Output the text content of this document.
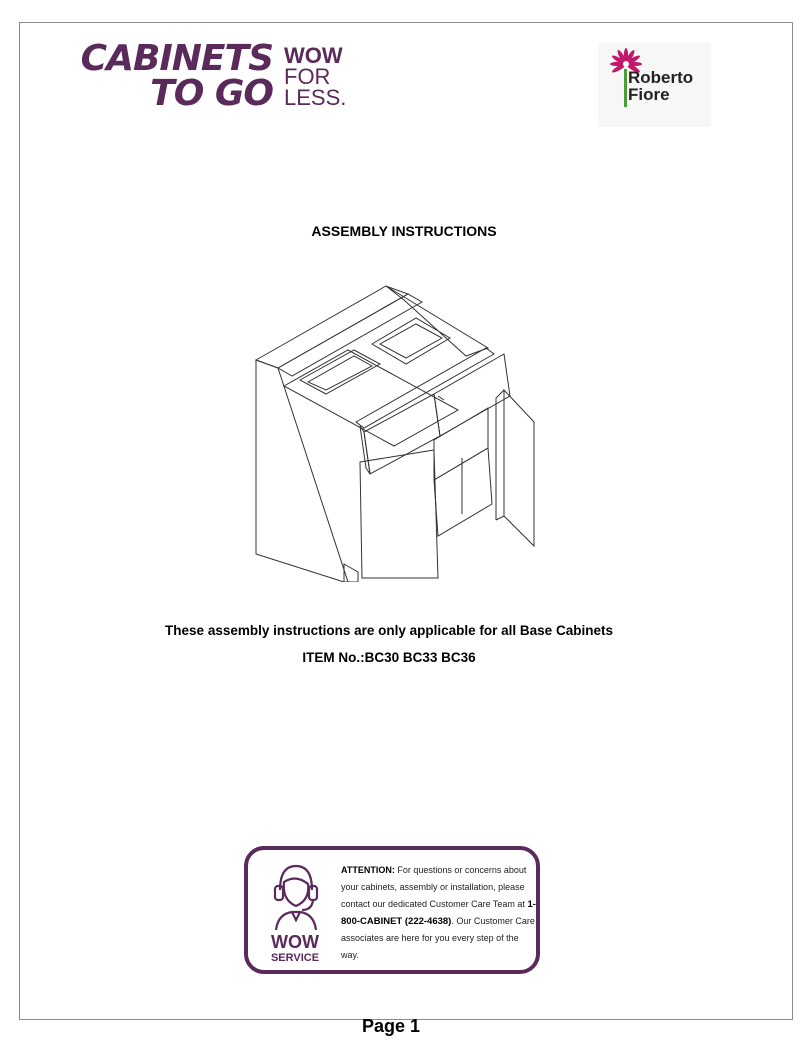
CABINETS
TO GO
WOW
FOR
LESS.
Roberto
Fiore
ASSEMBLY INSTRUCTIONS
These assembly instructions are only applicable for all Base Cabinets
ITEM No.:BC30 BC33 BC36
WOW
SERVICE
ATTENTION: For questions or concerns about your cabinets, assembly or installation, please contact our dedicated Customer Care Team at 1-800-CABINET (222-4638). Our Customer Care associates are here for you every step of the way.
Page 1
